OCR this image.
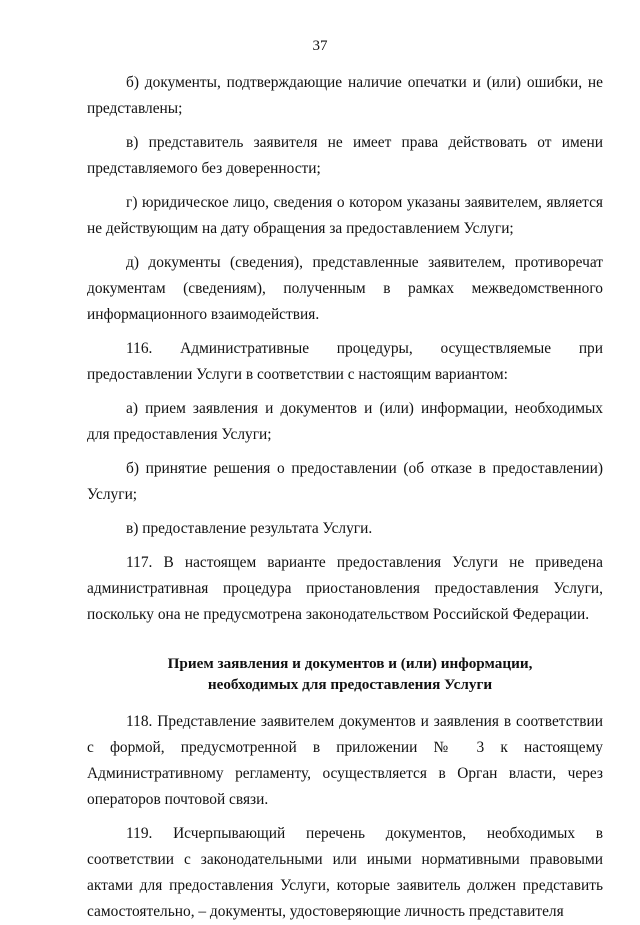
37

б) документы, подтверждающие наличие опечатки и (или) ошибки, не представлены;

в) представитель заявителя не имеет права действовать от имени представляемого без доверенности;

г) юридическое лицо, сведения о котором указаны заявителем, является не действующим на дату обращения за предоставлением Услуги;

д) документы (сведения), представленные заявителем, противоречат документам (сведениям), полученным в рамках межведомственного информационного взаимодействия.

116. Административные процедуры, осуществляемые при предоставлении Услуги в соответствии с настоящим вариантом:

а) прием заявления и документов и (или) информации, необходимых для предоставления Услуги;

б) принятие решения о предоставлении (об отказе в предоставлении) Услуги;

в) предоставление результата Услуги.

117. В настоящем варианте предоставления Услуги не приведена административная процедура приостановления предоставления Услуги, поскольку она не предусмотрена законодательством Российской Федерации.

Прием заявления и документов и (или) информации,

необходимых для предоставления Услуги

118. Представление заявителем документов и заявления в соответствии с формой, предусмотренной в приложении № 3 к настоящему Административному регламенту, осуществляется в Орган власти, через операторов почтовой связи.

119. Исчерпывающий перечень документов, необходимых в соответствии с законодательными или иными нормативными правовыми актами для предоставления Услуги, которые заявитель должен представить самостоятельно, – документы, удостоверяющие личность представителя
